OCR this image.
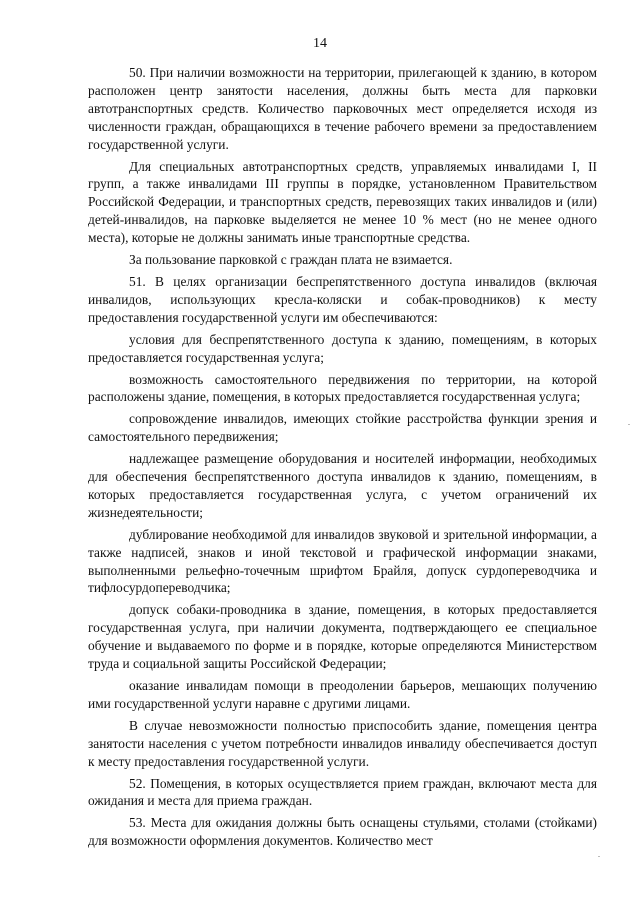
14

50. При наличии возможности на территории, прилегающей к зданию, в котором расположен центр занятости населения, должны быть места для парковки автотранспортных средств. Количество парковочных мест определяется исходя из численности граждан, обращающихся в течение рабочего времени за предоставлением государственной услуги.

Для специальных автотранспортных средств, управляемых инвалидами I, II групп, а также инвалидами III группы в порядке, установленном Правительством Российской Федерации, и транспортных средств, перевозящих таких инвалидов и (или) детей-инвалидов, на парковке выделяется не менее 10 % мест (но не менее одного места), которые не должны занимать иные транспортные средства.

За пользование парковкой с граждан плата не взимается.

51. В целях организации беспрепятственного доступа инвалидов (включая инвалидов, использующих кресла-коляски и собак-проводников) к месту предоставления государственной услуги им обеспечиваются:

условия для беспрепятственного доступа к зданию, помещениям, в которых предоставляется государственная услуга;

возможность самостоятельного передвижения по территории, на которой расположены здание, помещения, в которых предоставляется государственная услуга;

сопровождение инвалидов, имеющих стойкие расстройства функции зрения и самостоятельного передвижения;

надлежащее размещение оборудования и носителей информации, необходимых для обеспечения беспрепятственного доступа инвалидов к зданию, помещениям, в которых предоставляется государственная услуга, с учетом ограничений их жизнедеятельности;

дублирование необходимой для инвалидов звуковой и зрительной информации, а также надписей, знаков и иной текстовой и графической информации знаками, выполненными рельефно-точечным шрифтом Брайля, допуск сурдопереводчика и тифлосурдопереводчика;

допуск собаки-проводника в здание, помещения, в которых предоставляется государственная услуга, при наличии документа, подтверждающего ее специальное обучение и выдаваемого по форме и в порядке, которые определяются Министерством труда и социальной защиты Российской Федерации;

оказание инвалидам помощи в преодолении барьеров, мешающих получению ими государственной услуги наравне с другими лицами.

В случае невозможности полностью приспособить здание, помещения центра занятости населения с учетом потребности инвалидов инвалиду обеспечивается доступ к месту предоставления государственной услуги.

52. Помещения, в которых осуществляется прием граждан, включают места для ожидания и места для приема граждан.

53. Места для ожидания должны быть оснащены стульями, столами (стойками) для возможности оформления документов. Количество мест
